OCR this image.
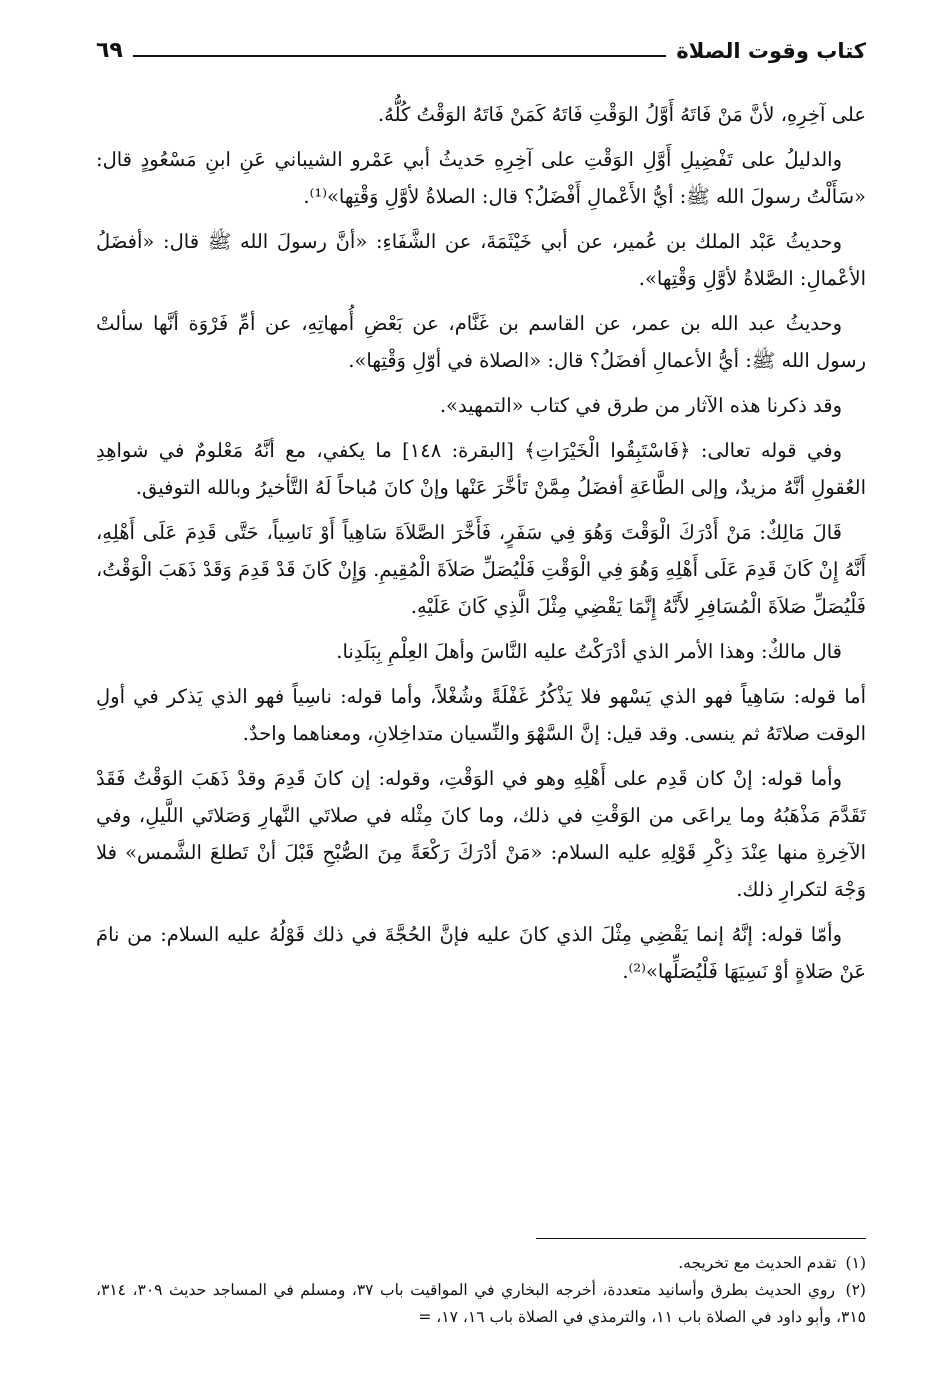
كتاب وقوت الصلاة
٦٩

على آخِرِهِ، لأنَّ مَنْ فَاتَهُ أَوَّلُ الوَقْتِ فَاتَهُ كَمَنْ فَاتَهُ الوَقْتُ كُلُّهُ.

والدليلُ على تَفْضِيلِ أَوَّلِ الوَقْتِ على آخِرِهِ حَديثُ أبي عَمْرو الشيباني عَنِ ابنِ مَسْعُودٍ قال: «سَأَلْتُ رسولَ الله ﷺ: أيُّ الأَعْمالِ أَفْضَلُ؟ قال: الصلاةُ لأوَّلِ وَقْتِها»⁽¹⁾.

وحديثُ عَبْد الملك بن عُمير، عن أبي خَيْثَمَةَ، عن الشَّفَاءِ: «أنَّ رسولَ الله ﷺ قال: «أفضَلُ الأعْمالِ: الصَّلاةُ لأوَّلِ وَقْتِها».

وحديثُ عبد الله بن عمر، عن القاسم بن غَنَّام، عن بَعْضِ أُمهاتِهِ، عن أمِّ فَرْوَة أنَّها سألتْ رسول الله ﷺ: أيُّ الأعمالِ أفضَلُ؟ قال: «الصلاة في أوّلِ وَقْتِها».

وقد ذكرنا هذه الآثار من طرق في كتاب «التمهيد».

وفي قوله تعالى: ﴿فَاسْتَبِقُوا الْخَيْرَاتِ﴾ [البقرة: ١٤٨] ما يكفي، مع أنَّهُ مَعْلومٌ في شواهِدِ العُقولِ أنَّهُ مزيدٌ، وإلى الطَّاعَةِ أفضَلُ مِمَّنْ تَأخَّرَ عَنْها وإنْ كانَ مُباحاً لَهُ التَّأخيرُ وبالله التوفيق.

قَالَ مَالِكٌ: مَنْ أَدْرَكَ الْوَقْتَ وَهُوَ فِي سَفَرٍ، فَأَخَّرَ الصَّلاَةَ سَاهِياً أَوْ نَاسِياً، حَتَّى قَدِمَ عَلَى أَهْلِهِ، أَنَّهُ إِنْ كَانَ قَدِمَ عَلَى أَهْلِهِ وَهُوَ فِي الْوَقْتِ فَلْيُصَلِّ صَلاَةَ الْمُقِيمِ. وَإِنْ كَانَ قَدْ قَدِمَ وَقَدْ ذَهَبَ الْوَقْتُ، فَلْيُصَلِّ صَلاَةَ الْمُسَافِرِ لأَنَّهُ إِنَّمَا يَقْضِي مِثْلَ الَّذِي كَانَ عَلَيْهِ.

قال مالكٌ: وهذا الأمر الذي أدْرَكْتُ عليه النَّاسَ وأهلَ العِلْمِ بِبَلَدِنا.

أما قوله: سَاهِياً فهو الذي يَسْهو فلا يَذْكُرُ غَفْلَةً وشُغْلاً، وأما قوله: ناسِياً فهو الذي يَذكر في أولِ الوقت صلاتَهُ ثم ينسى. وقد قيل: إنَّ السَّهْوَ والنِّسيان متداخِلانِ، ومعناهما واحدٌ.

وأما قوله: إنْ كان قَدِم على أَهْلِهِ وهو في الوَقْتِ، وقوله: إن كانَ قَدِمَ وقدْ ذَهَبَ الوَقْتُ فَقَدْ تَقَدَّمَ مَذْهَبُهُ وما يراعَى من الوَقْتِ في ذلك، وما كانَ مِثْله في صلاتَي النَّهارِ وَصَلاتَي اللَّيلِ، وفي الآخِرةِ منها عِنْدَ ذِكْرِ قَوْلِهِ عليه السلام: «مَنْ أدْرَكَ رَكْعَةً مِنَ الصُّبْحِ قَبْلَ أنْ تَطلعَ الشَّمس» فلا وَجْهَ لتكرارِ ذلك.

وأمّا قوله: إنَّهُ إنما يَقْضِي مِثْلَ الذي كانَ عليه فإنَّ الحُجَّةَ في ذلك قَوْلُهُ عليه السلام: من نامَ عَنْ صَلاةٍ أوْ نَسِيَهَا فَلْيُصَلِّها»⁽²⁾.

(١) تقدم الحديث مع تخريجه.

(٢) روي الحديث بطرق وأسانيد متعددة، أخرجه البخاري في المواقيت باب ٣٧، ومسلم في المساجد حديث ٣٠٩، ٣١٤، ٣١٥، وأبو داود في الصلاة باب ١١، والترمذي في الصلاة باب ١٦، ١٧، =
